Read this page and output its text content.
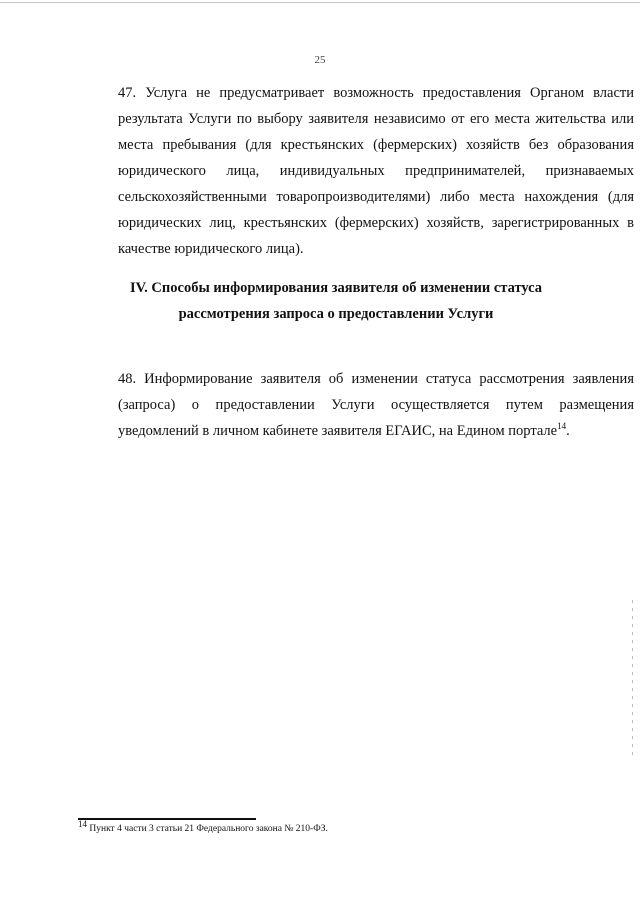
25
47. Услуга не предусматривает возможность предоставления Органом власти результата Услуги по выбору заявителя независимо от его места жительства или места пребывания (для крестьянских (фермерских) хозяйств без образования юридического лица, индивидуальных предпринимателей, признаваемых сельскохозяйственными товаропроизводителями) либо места нахождения (для юридических лиц, крестьянских (фермерских) хозяйств, зарегистрированных в качестве юридического лица).
IV. Способы информирования заявителя об изменении статуса
рассмотрения запроса о предоставлении Услуги
48. Информирование заявителя об изменении статуса рассмотрения заявления (запроса) о предоставлении Услуги осуществляется путем размещения уведомлений в личном кабинете заявителя ЕГАИС, на Едином портале$^{14}$.
$^{14}$ Пункт 4 части 3 статьи 21 Федерального закона № 210-ФЗ.
